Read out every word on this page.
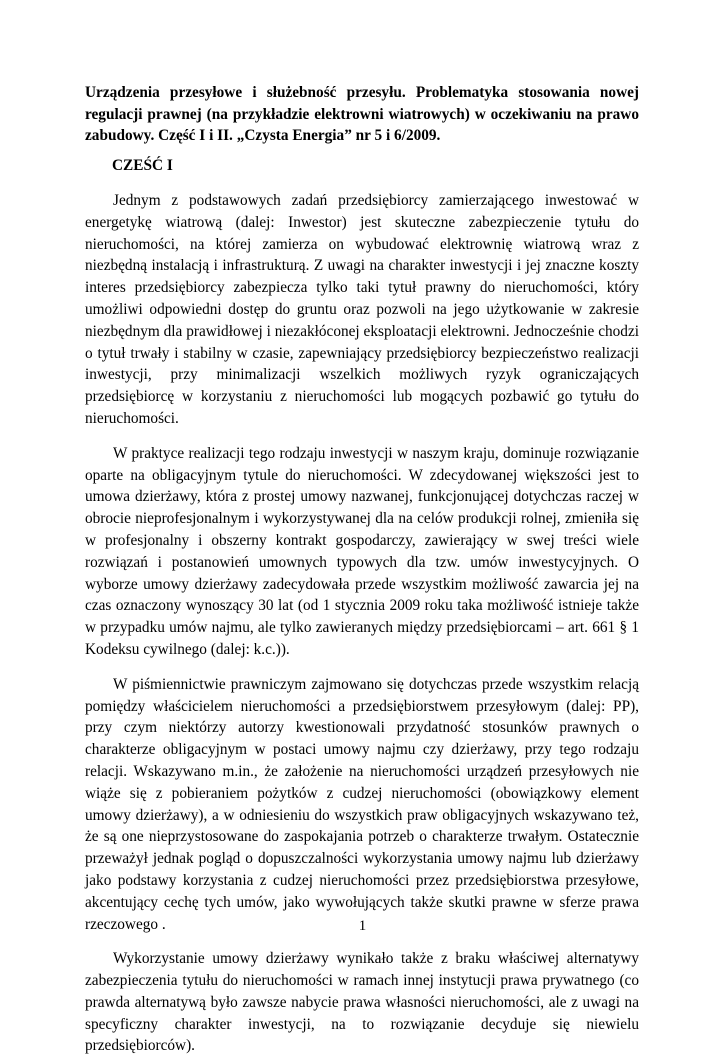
Urządzenia przesyłowe i służebność przesyłu. Problematyka stosowania nowej regulacji prawnej (na przykładzie elektrowni wiatrowych) w oczekiwaniu na prawo zabudowy. Część I i II. „Czysta Energia” nr 5 i 6/2009.

CZEŚĆ I

Jednym z podstawowych zadań przedsiębiorcy zamierzającego inwestować w energetykę wiatrową (dalej: Inwestor) jest skuteczne zabezpieczenie tytułu do nieruchomości, na której zamierza on wybudować elektrownię wiatrową wraz z niezbędną instalacją i infrastrukturą. Z uwagi na charakter inwestycji i jej znaczne koszty interes przedsiębiorcy zabezpiecza tylko taki tytuł prawny do nieruchomości, który umożliwi odpowiedni dostęp do gruntu oraz pozwoli na jego użytkowanie w zakresie niezbędnym dla prawidłowej i niezakłóconej eksploatacji elektrowni. Jednocześnie chodzi o tytuł trwały i stabilny w czasie, zapewniający przedsiębiorcy bezpieczeństwo realizacji inwestycji, przy minimalizacji wszelkich możliwych ryzyk ograniczających przedsiębiorcę w korzystaniu z nieruchomości lub mogących pozbawić go tytułu do nieruchomości.

W praktyce realizacji tego rodzaju inwestycji w naszym kraju, dominuje rozwiązanie oparte na obligacyjnym tytule do nieruchomości. W zdecydowanej większości jest to umowa dzierżawy, która z prostej umowy nazwanej, funkcjonującej dotychczas raczej w obrocie nieprofesjonalnym i wykorzystywanej dla na celów produkcji rolnej, zmieniła się w profesjonalny i obszerny kontrakt gospodarczy, zawierający w swej treści wiele rozwiązań i postanowień umownych typowych dla tzw. umów inwestycyjnych. O wyborze umowy dzierżawy zadecydowała przede wszystkim możliwość zawarcia jej na czas oznaczony wynoszący 30 lat (od 1 stycznia 2009 roku taka możliwość istnieje także w przypadku umów najmu, ale tylko zawieranych między przedsiębiorcami – art. 661 § 1 Kodeksu cywilnego (dalej: k.c.)).

W piśmiennictwie prawniczym zajmowano się dotychczas przede wszystkim relacją pomiędzy właścicielem nieruchomości a przedsiębiorstwem przesyłowym (dalej: PP), przy czym niektórzy autorzy kwestionowali przydatność stosunków prawnych o charakterze obligacyjnym w postaci umowy najmu czy dzierżawy, przy tego rodzaju relacji. Wskazywano m.in., że założenie na nieruchomości urządzeń przesyłowych nie wiąże się z pobieraniem pożytków z cudzej nieruchomości (obowiązkowy element umowy dzierżawy), a w odniesieniu do wszystkich praw obligacyjnych wskazywano też, że są one nieprzystosowane do zaspokajania potrzeb o charakterze trwałym. Ostatecznie przeważył jednak pogląd o dopuszczalności wykorzystania umowy najmu lub dzierżawy jako podstawy korzystania z cudzej nieruchomości przez przedsiębiorstwa przesyłowe, akcentujący cechę tych umów, jako wywołujących także skutki prawne w sferze prawa rzeczowego .

Wykorzystanie umowy dzierżawy wynikało także z braku właściwej alternatywy zabezpieczenia tytułu do nieruchomości w ramach innej instytucji prawa prywatnego (co prawda alternatywą było zawsze nabycie prawa własności nieruchomości, ale z uwagi na specyficzny charakter inwestycji, na to rozwiązanie decyduje się niewielu przedsiębiorców).

1
